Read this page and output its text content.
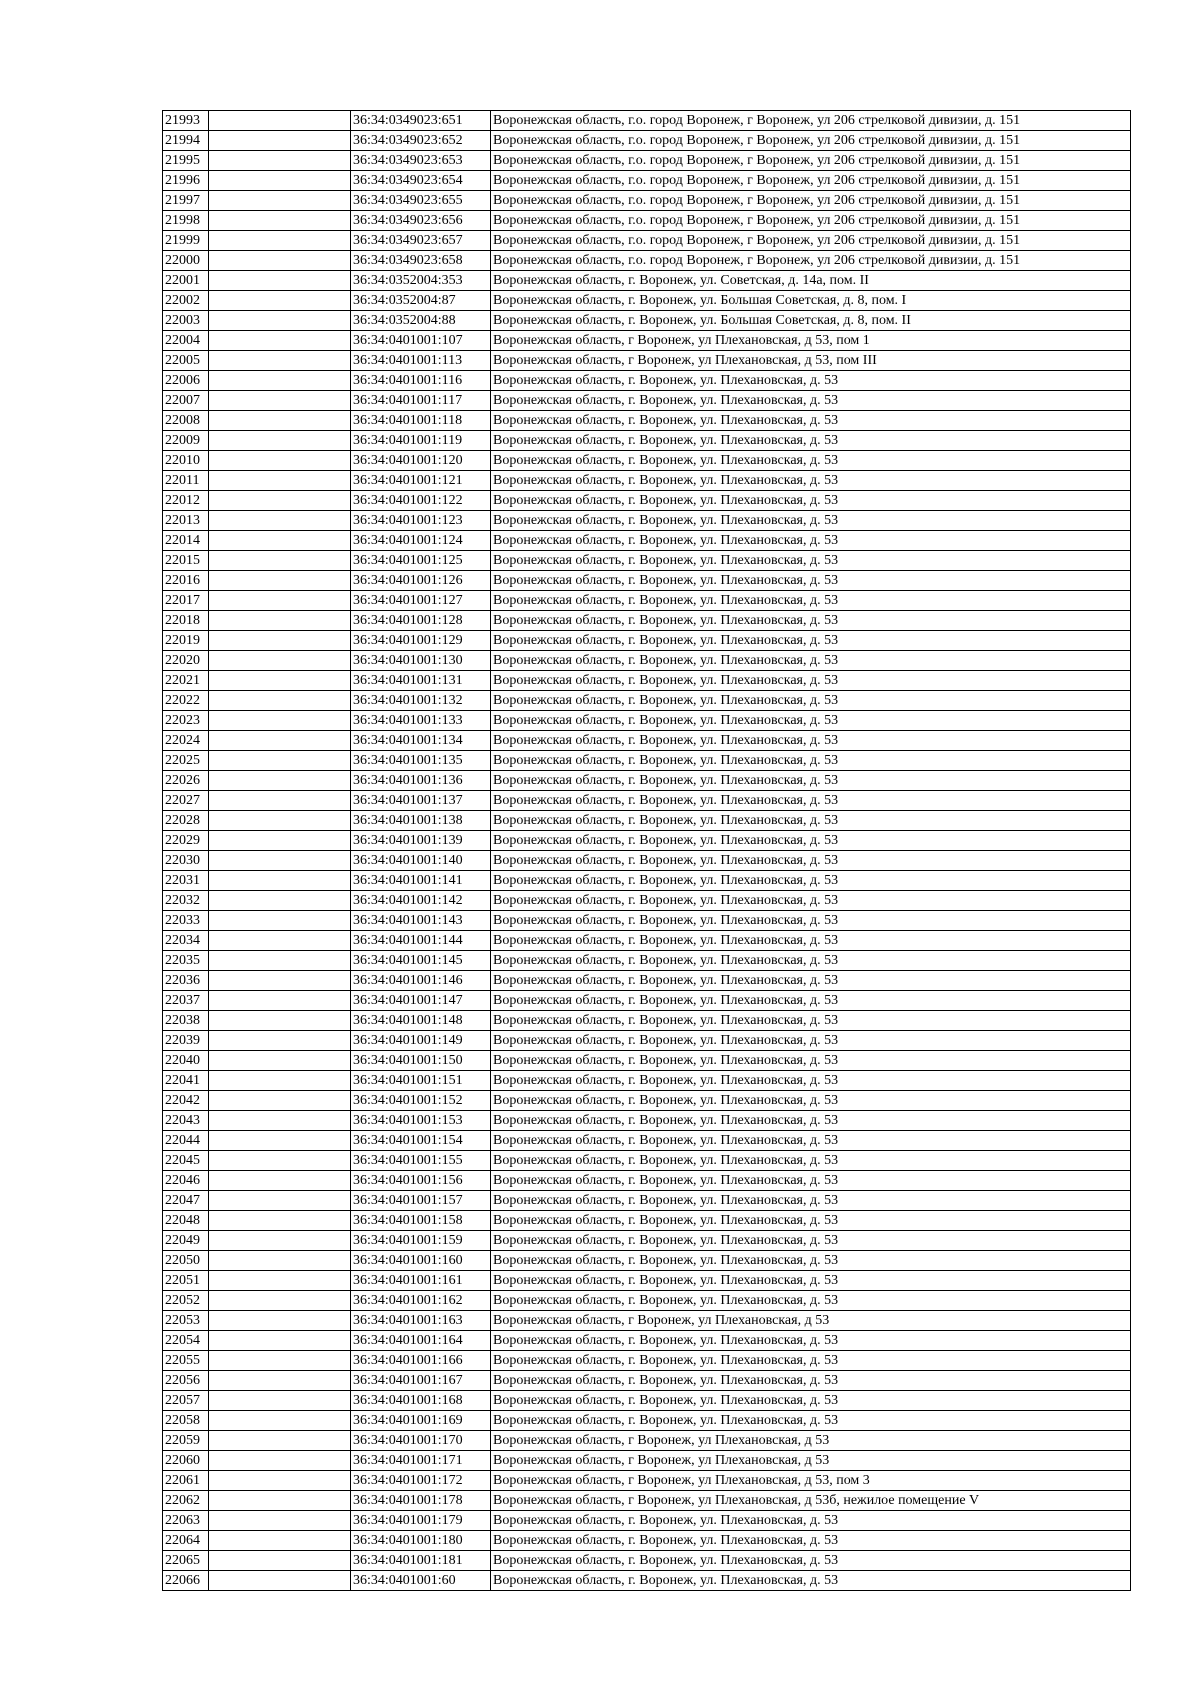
21993		36:34:0349023:651	Воронежская область, г.о. город Воронеж, г Воронеж, ул 206 стрелковой дивизии, д. 151
21994		36:34:0349023:652	Воронежская область, г.о. город Воронеж, г Воронеж, ул 206 стрелковой дивизии, д. 151
21995		36:34:0349023:653	Воронежская область, г.о. город Воронеж, г Воронеж, ул 206 стрелковой дивизии, д. 151
21996		36:34:0349023:654	Воронежская область, г.о. город Воронеж, г Воронеж, ул 206 стрелковой дивизии, д. 151
21997		36:34:0349023:655	Воронежская область, г.о. город Воронеж, г Воронеж, ул 206 стрелковой дивизии, д. 151
21998		36:34:0349023:656	Воронежская область, г.о. город Воронеж, г Воронеж, ул 206 стрелковой дивизии, д. 151
21999		36:34:0349023:657	Воронежская область, г.о. город Воронеж, г Воронеж, ул 206 стрелковой дивизии, д. 151
22000		36:34:0349023:658	Воронежская область, г.о. город Воронеж, г Воронеж, ул 206 стрелковой дивизии, д. 151
22001		36:34:0352004:353	Воронежская область, г. Воронеж, ул. Советская, д. 14а, пом. II
22002		36:34:0352004:87	Воронежская область, г. Воронеж, ул. Большая Советская, д. 8, пом. I
22003		36:34:0352004:88	Воронежская область, г. Воронеж, ул. Большая Советская, д. 8, пом. II
22004		36:34:0401001:107	Воронежская область, г Воронеж, ул Плехановская, д 53, пом 1
22005		36:34:0401001:113	Воронежская область, г Воронеж, ул Плехановская, д 53, пом III
22006		36:34:0401001:116	Воронежская область, г. Воронеж, ул. Плехановская, д. 53
22007		36:34:0401001:117	Воронежская область, г. Воронеж, ул. Плехановская, д. 53
22008		36:34:0401001:118	Воронежская область, г. Воронеж, ул. Плехановская, д. 53
22009		36:34:0401001:119	Воронежская область, г. Воронеж, ул. Плехановская, д. 53
22010		36:34:0401001:120	Воронежская область, г. Воронеж, ул. Плехановская, д. 53
22011		36:34:0401001:121	Воронежская область, г. Воронеж, ул. Плехановская, д. 53
22012		36:34:0401001:122	Воронежская область, г. Воронеж, ул. Плехановская, д. 53
22013		36:34:0401001:123	Воронежская область, г. Воронеж, ул. Плехановская, д. 53
22014		36:34:0401001:124	Воронежская область, г. Воронеж, ул. Плехановская, д. 53
22015		36:34:0401001:125	Воронежская область, г. Воронеж, ул. Плехановская, д. 53
22016		36:34:0401001:126	Воронежская область, г. Воронеж, ул. Плехановская, д. 53
22017		36:34:0401001:127	Воронежская область, г. Воронеж, ул. Плехановская, д. 53
22018		36:34:0401001:128	Воронежская область, г. Воронеж, ул. Плехановская, д. 53
22019		36:34:0401001:129	Воронежская область, г. Воронеж, ул. Плехановская, д. 53
22020		36:34:0401001:130	Воронежская область, г. Воронеж, ул. Плехановская, д. 53
22021		36:34:0401001:131	Воронежская область, г. Воронеж, ул. Плехановская, д. 53
22022		36:34:0401001:132	Воронежская область, г. Воронеж, ул. Плехановская, д. 53
22023		36:34:0401001:133	Воронежская область, г. Воронеж, ул. Плехановская, д. 53
22024		36:34:0401001:134	Воронежская область, г. Воронеж, ул. Плехановская, д. 53
22025		36:34:0401001:135	Воронежская область, г. Воронеж, ул. Плехановская, д. 53
22026		36:34:0401001:136	Воронежская область, г. Воронеж, ул. Плехановская, д. 53
22027		36:34:0401001:137	Воронежская область, г. Воронеж, ул. Плехановская, д. 53
22028		36:34:0401001:138	Воронежская область, г. Воронеж, ул. Плехановская, д. 53
22029		36:34:0401001:139	Воронежская область, г. Воронеж, ул. Плехановская, д. 53
22030		36:34:0401001:140	Воронежская область, г. Воронеж, ул. Плехановская, д. 53
22031		36:34:0401001:141	Воронежская область, г. Воронеж, ул. Плехановская, д. 53
22032		36:34:0401001:142	Воронежская область, г. Воронеж, ул. Плехановская, д. 53
22033		36:34:0401001:143	Воронежская область, г. Воронеж, ул. Плехановская, д. 53
22034		36:34:0401001:144	Воронежская область, г. Воронеж, ул. Плехановская, д. 53
22035		36:34:0401001:145	Воронежская область, г. Воронеж, ул. Плехановская, д. 53
22036		36:34:0401001:146	Воронежская область, г. Воронеж, ул. Плехановская, д. 53
22037		36:34:0401001:147	Воронежская область, г. Воронеж, ул. Плехановская, д. 53
22038		36:34:0401001:148	Воронежская область, г. Воронеж, ул. Плехановская, д. 53
22039		36:34:0401001:149	Воронежская область, г. Воронеж, ул. Плехановская, д. 53
22040		36:34:0401001:150	Воронежская область, г. Воронеж, ул. Плехановская, д. 53
22041		36:34:0401001:151	Воронежская область, г. Воронеж, ул. Плехановская, д. 53
22042		36:34:0401001:152	Воронежская область, г. Воронеж, ул. Плехановская, д. 53
22043		36:34:0401001:153	Воронежская область, г. Воронеж, ул. Плехановская, д. 53
22044		36:34:0401001:154	Воронежская область, г. Воронеж, ул. Плехановская, д. 53
22045		36:34:0401001:155	Воронежская область, г. Воронеж, ул. Плехановская, д. 53
22046		36:34:0401001:156	Воронежская область, г. Воронеж, ул. Плехановская, д. 53
22047		36:34:0401001:157	Воронежская область, г. Воронеж, ул. Плехановская, д. 53
22048		36:34:0401001:158	Воронежская область, г. Воронеж, ул. Плехановская, д. 53
22049		36:34:0401001:159	Воронежская область, г. Воронеж, ул. Плехановская, д. 53
22050		36:34:0401001:160	Воронежская область, г. Воронеж, ул. Плехановская, д. 53
22051		36:34:0401001:161	Воронежская область, г. Воронеж, ул. Плехановская, д. 53
22052		36:34:0401001:162	Воронежская область, г. Воронеж, ул. Плехановская, д. 53
22053		36:34:0401001:163	Воронежская область, г Воронеж, ул Плехановская, д 53
22054		36:34:0401001:164	Воронежская область, г. Воронеж, ул. Плехановская, д. 53
22055		36:34:0401001:166	Воронежская область, г. Воронеж, ул. Плехановская, д. 53
22056		36:34:0401001:167	Воронежская область, г. Воронеж, ул. Плехановская, д. 53
22057		36:34:0401001:168	Воронежская область, г. Воронеж, ул. Плехановская, д. 53
22058		36:34:0401001:169	Воронежская область, г. Воронеж, ул. Плехановская, д. 53
22059		36:34:0401001:170	Воронежская область, г Воронеж, ул Плехановская, д 53
22060		36:34:0401001:171	Воронежская область, г Воронеж, ул Плехановская, д 53
22061		36:34:0401001:172	Воронежская область, г Воронеж, ул Плехановская, д 53, пом 3
22062		36:34:0401001:178	Воронежская область, г Воронеж, ул Плехановская, д 53б, нежилое помещение V
22063		36:34:0401001:179	Воронежская область, г. Воронеж, ул. Плехановская, д. 53
22064		36:34:0401001:180	Воронежская область, г. Воронеж, ул. Плехановская, д. 53
22065		36:34:0401001:181	Воронежская область, г. Воронеж, ул. Плехановская, д. 53
22066		36:34:0401001:60	Воронежская область, г. Воронеж, ул. Плехановская, д. 53
